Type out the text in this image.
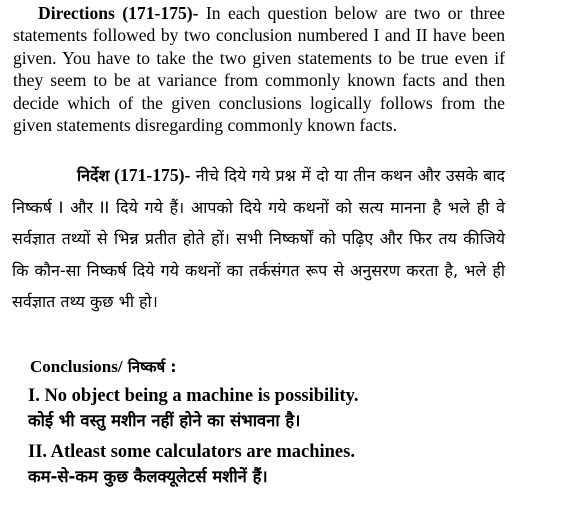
Directions (171-175)- In each question below are two or three statements followed by two conclusion numbered I and II have been given. You have to take the two given statements to be true even if they seem to be at variance from commonly known facts and then decide which of the given conclusions logically follows from the given statements disregarding commonly known facts.

निर्देश (171-175)- नीचे दिये गये प्रश्न में दो या तीन कथन और उसके बाद निष्कर्ष I और II दिये गये हैं। आपको दिये गये कथनों को सत्य मानना है भले ही वे सर्वज्ञात तथ्यों से भिन्न प्रतीत होते हों। सभी निष्कर्षों को पढ़िए और फिर तय कीजिये कि कौन-सा निष्कर्ष दिये गये कथनों का तर्कसंगत रूप से अनुसरण करता है, भले ही सर्वज्ञात तथ्य कुछ भी हो।

Conclusions/ निष्कर्ष :
I. No object being a machine is possibility.
कोई भी वस्तु मशीन नहीं होने का संभावना है।
II. Atleast some calculators are machines.
कम-से-कम कुछ कैलक्यूलेटर्स मशीनें हैं।
